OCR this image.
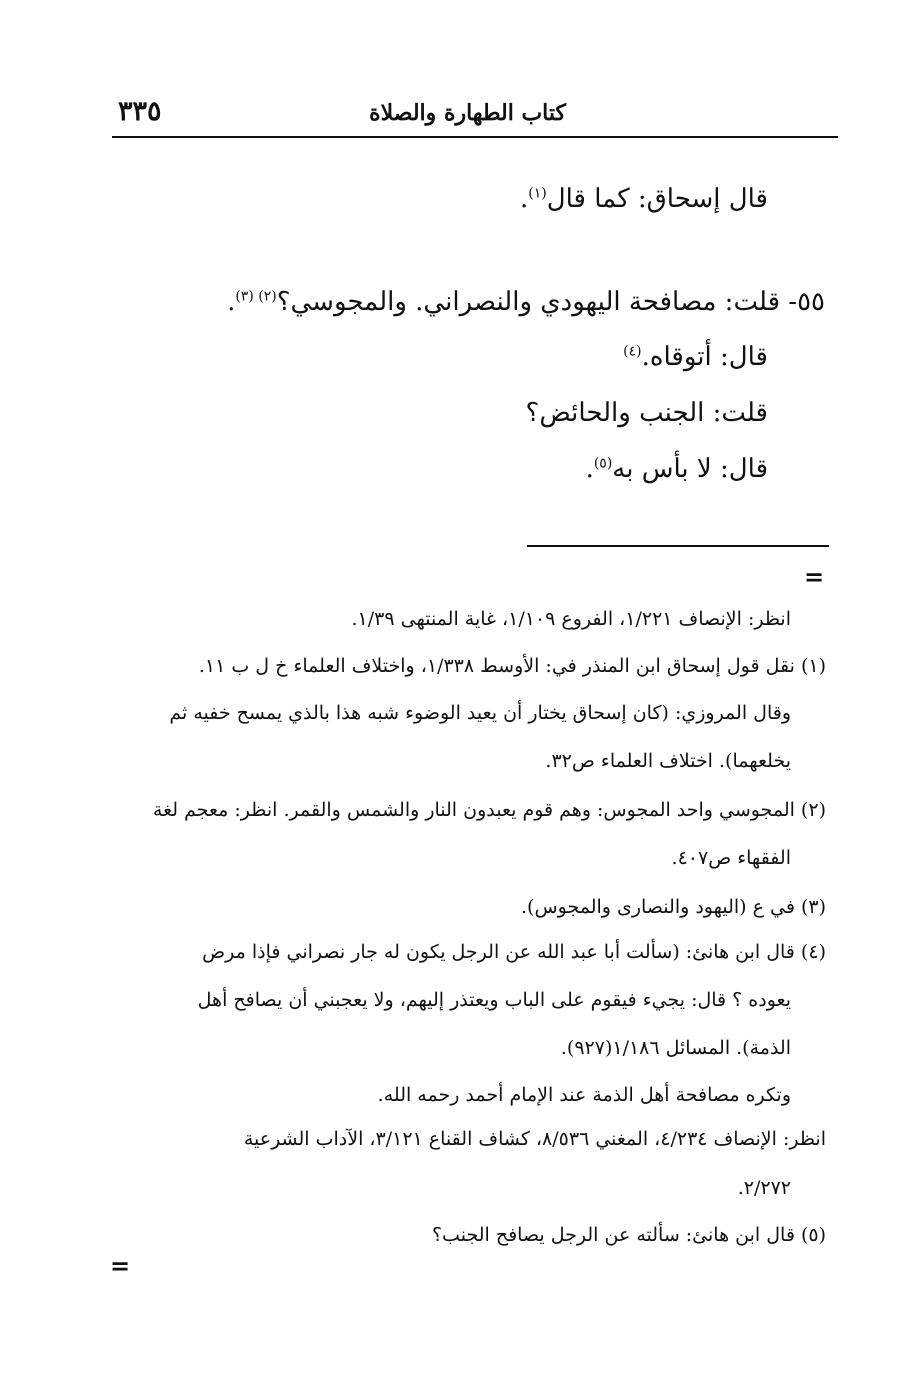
كتاب الطهارة والصلاة
٣٣٥
قال إسحاق: كما قال$^{(١)}$.
٥٥- قلت: مصافحة اليهودي والنصراني. والمجوسي؟$^{(٢) (٣)}$.
قال: أتوقاه.$^{(٤)}$
قلت: الجنب والحائض؟
قال: لا بأس به$^{(٥)}$.
=
انظر: الإنصاف ١/٢٢١، الفروع ١/١٠٩، غاية المنتهى ١/٣٩.
(١) نقل قول إسحاق ابن المنذر في: الأوسط ١/٣٣٨، واختلاف العلماء خ ل ب ١١.
وقال المروزي: (كان إسحاق يختار أن يعيد الوضوء شبه هذا بالذي يمسح خفيه ثم
يخلعهما). اختلاف العلماء ص٣٢.
(٢) المجوسي واحد المجوس: وهم قوم يعبدون النار والشمس والقمر. انظر: معجم لغة
الفقهاء ص٤٠٧.
(٣) في ع (اليهود والنصارى والمجوس).
(٤) قال ابن هانئ: (سألت أبا عبد الله عن الرجل يكون له جار نصراني فإذا مرض
يعوده ؟ قال: يجيء فيقوم على الباب ويعتذر إليهم، ولا يعجبني أن يصافح أهل
الذمة). المسائل ١/١٨٦(٩٢٧).
وتكره مصافحة أهل الذمة عند الإمام أحمد رحمه الله.
انظر: الإنصاف ٤/٢٣٤، المغني ٨/٥٣٦، كشاف القناع ٣/١٢١، الآداب الشرعية
٢/٢٧٢.
(٥) قال ابن هانئ: سألته عن الرجل يصافح الجنب؟
=
